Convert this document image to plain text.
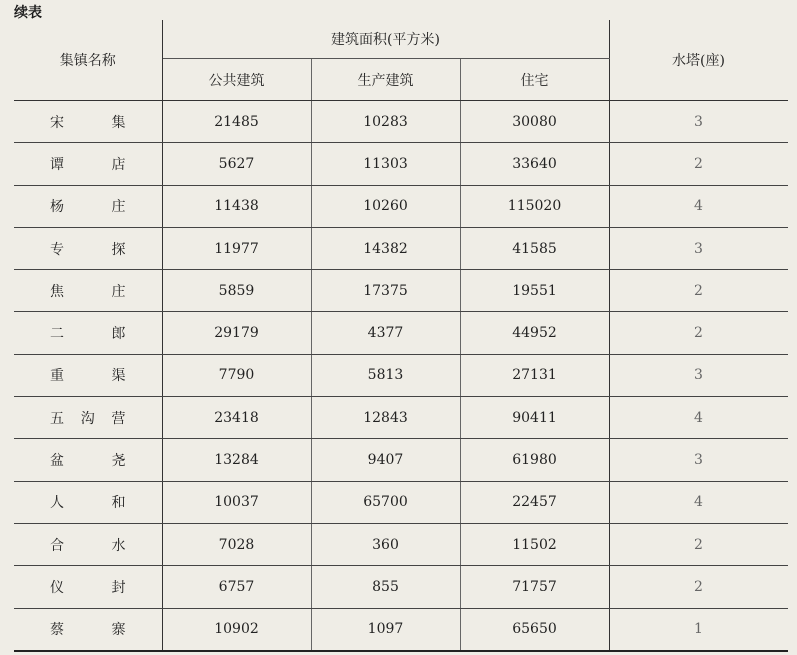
续表
集镇名称	建筑面积(平方米)			水塔(座)
	公共建筑	生产建筑	住宅	

宋 集	21485	10283	30080	3

谭 店	5627	11303	33640	2

杨 庄	11438	10260	115020	4

专 探	11977	14382	41585	3

焦 庄	5859	17375	19551	2

二 郎	29179	4377	44952	2

重 渠	7790	5813	27131	3

五 沟 营	23418	12843	90411	4

盆 尧	13284	9407	61980	3

人 和	10037	65700	22457	4

合 水	7028	360	11502	2

仪 封	6757	855	71757	2

蔡 寨	10902	1097	65650	1
